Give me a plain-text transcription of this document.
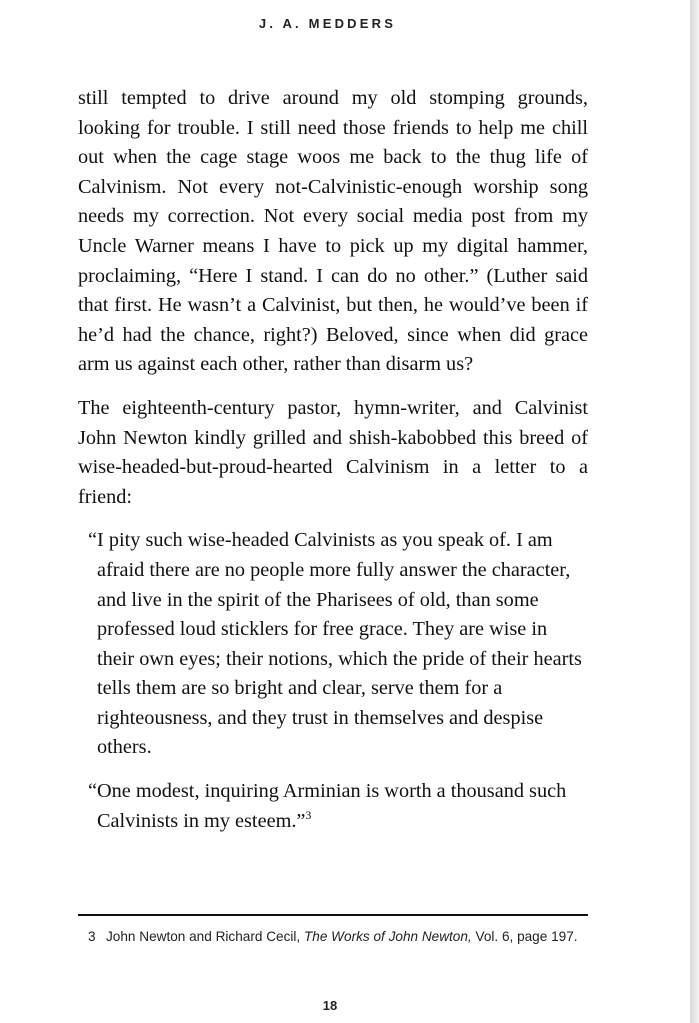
J. A. MEDDERS

still tempted to drive around my old stomping grounds, looking for trouble. I still need those friends to help me chill out when the cage stage woos me back to the thug life of Calvinism. Not every not-Calvinistic-enough worship song needs my correction. Not every social media post from my Uncle Warner means I have to pick up my digital hammer, proclaiming, “Here I stand. I can do no other.” (Luther said that first. He wasn’t a Calvinist, but then, he would’ve been if he’d had the chance, right?) Beloved, since when did grace arm us against each other, rather than disarm us?

The eighteenth-century pastor, hymn-writer, and Calvinist John Newton kindly grilled and shish-kabobbed this breed of wise-headed-but-proud-hearted Calvinism in a letter to a friend:

“I pity such wise-headed Calvinists as you speak of. I am afraid there are no people more fully answer the character, and live in the spirit of the Pharisees of old, than some professed loud sticklers for free grace. They are wise in their own eyes; their notions, which the pride of their hearts tells them are so bright and clear, serve them for a righteousness, and they trust in themselves and despise others.
“One modest, inquiring Arminian is worth a thousand such Calvinists in my esteem.”$^3$
3 John Newton and Richard Cecil, The Works of John Newton, Vol. 6, page 197.
18
